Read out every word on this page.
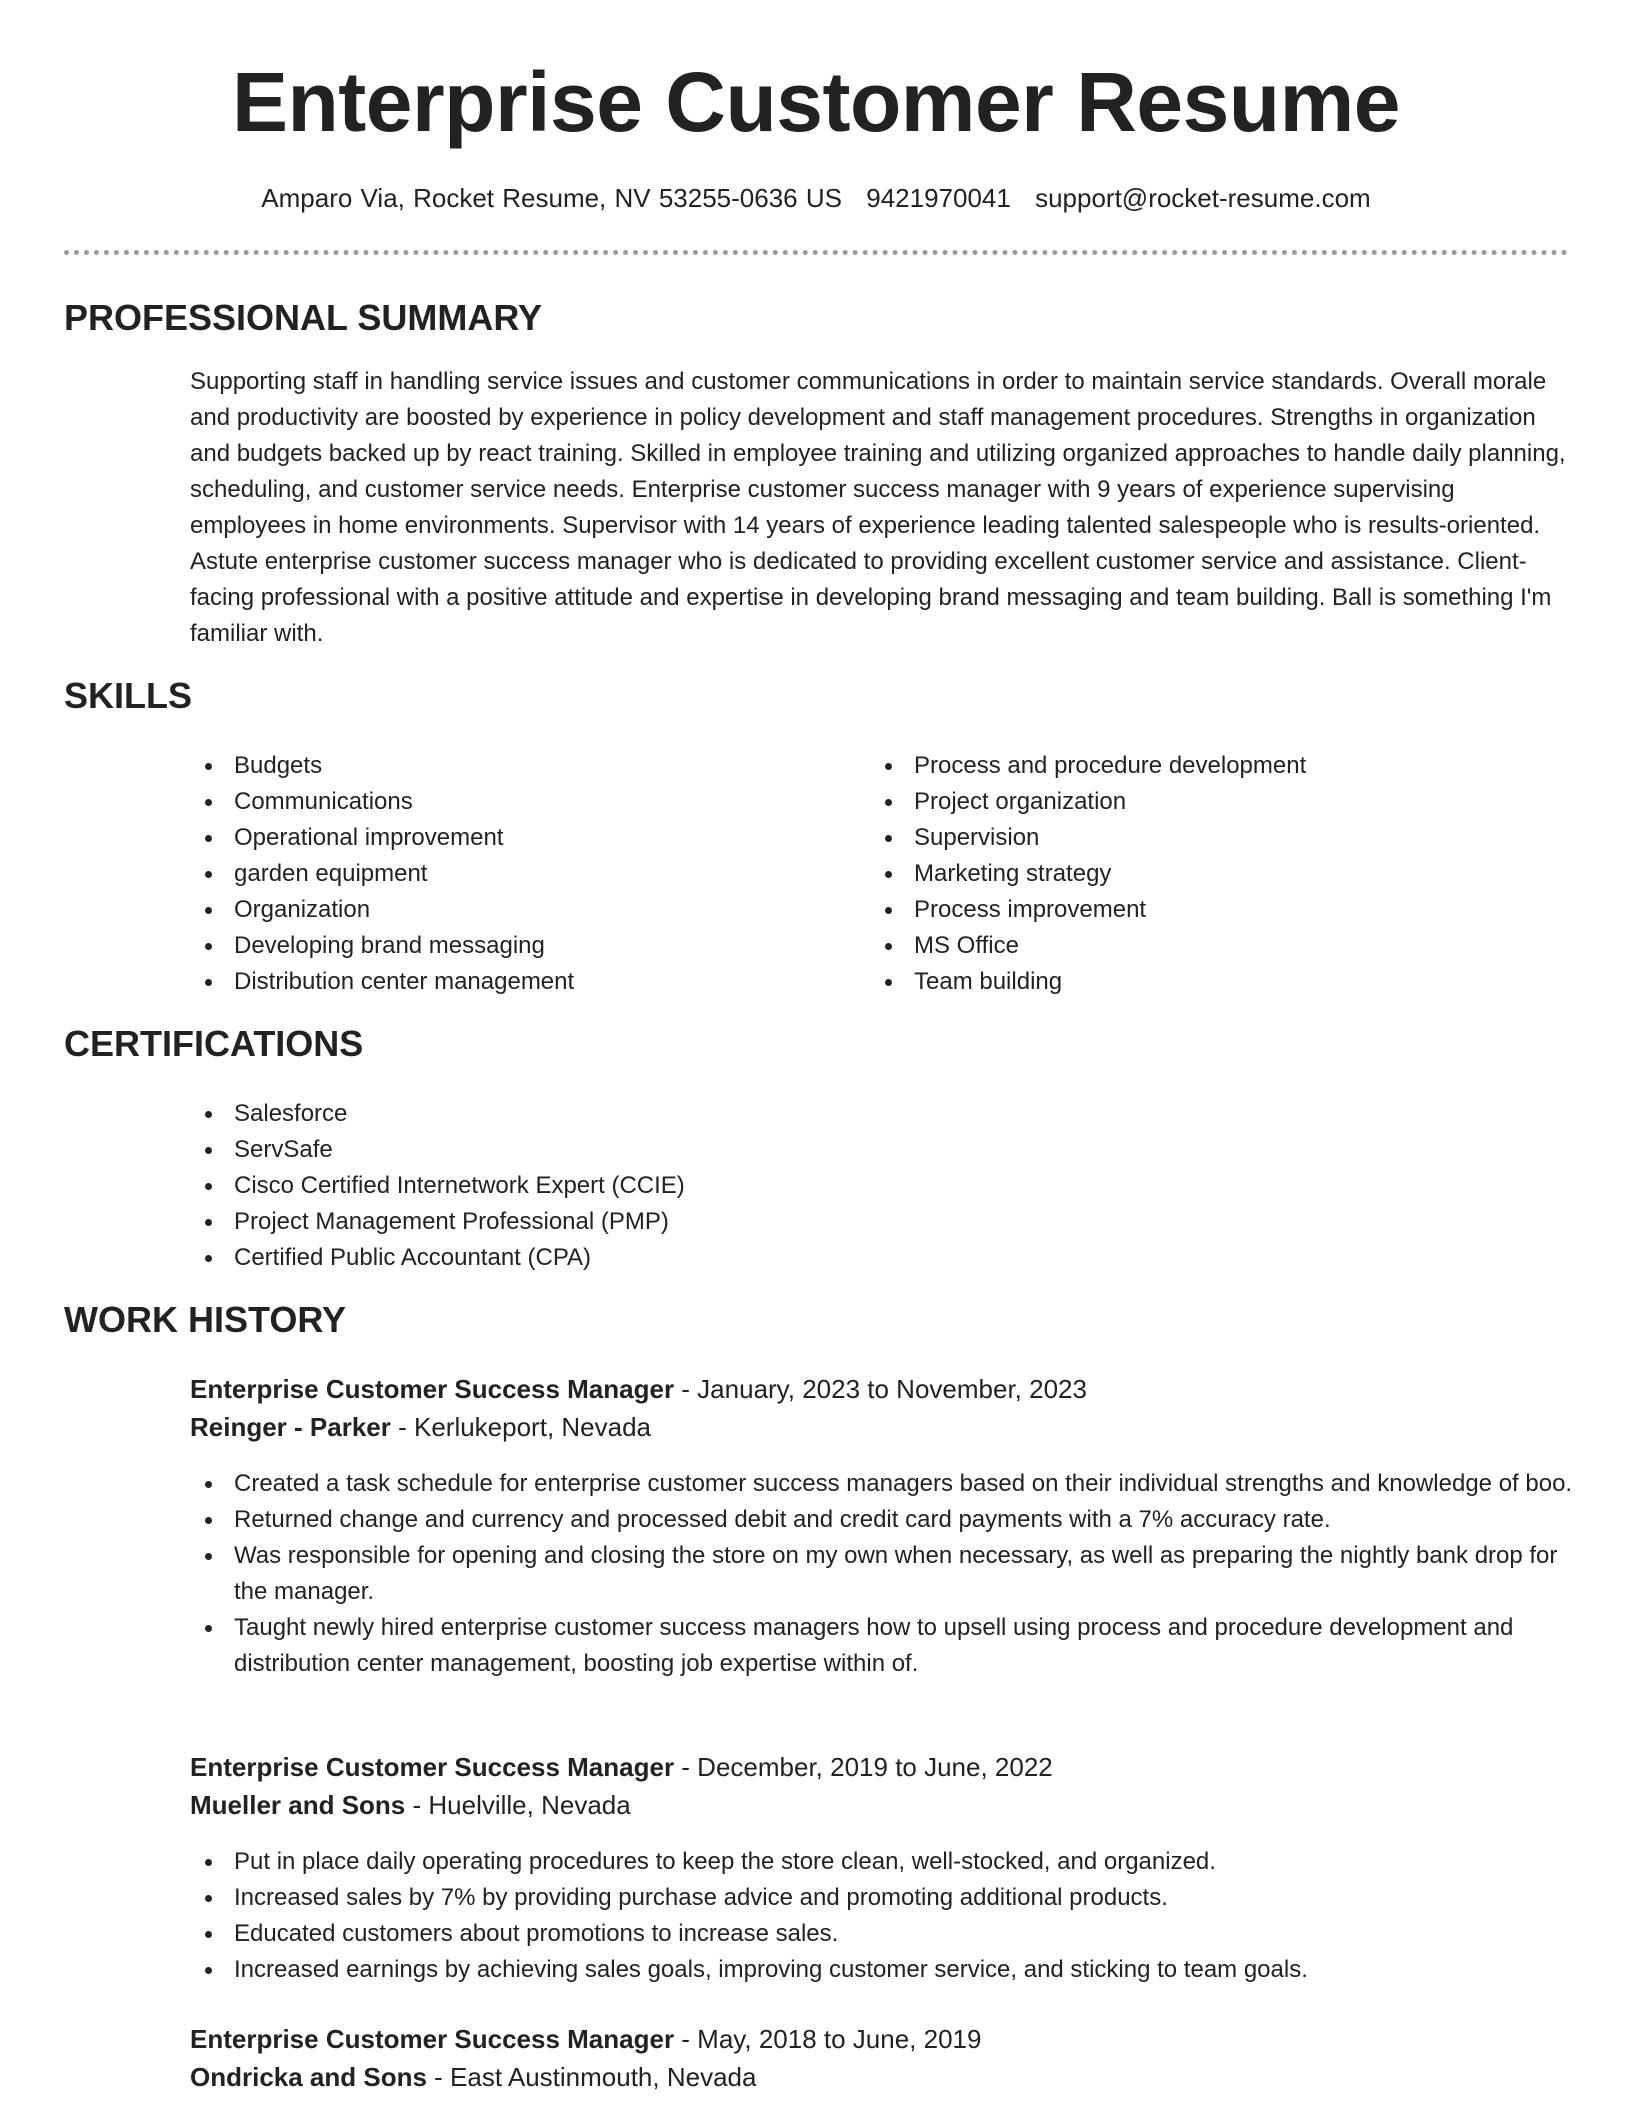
Enterprise Customer Resume
Amparo Via, Rocket Resume, NV 53255-0636 US 9421970041 support@rocket-resume.com
PROFESSIONAL SUMMARY

Supporting staff in handling service issues and customer communications in order to maintain service standards. Overall morale and productivity are boosted by experience in policy development and staff management procedures. Strengths in organization and budgets backed up by react training. Skilled in employee training and utilizing organized approaches to handle daily planning, scheduling, and customer service needs. Enterprise customer success manager with 9 years of experience supervising employees in home environments. Supervisor with 14 years of experience leading talented salespeople who is results-oriented. Astute enterprise customer success manager who is dedicated to providing excellent customer service and assistance. Client-facing professional with a positive attitude and expertise in developing brand messaging and team building. Ball is something I'm familiar with.

SKILLS
Budgets
Communications
Operational improvement
garden equipment
Organization
Developing brand messaging
Distribution center management
Process and procedure development
Project organization
Supervision
Marketing strategy
Process improvement
MS Office
Team building
CERTIFICATIONS
Salesforce
ServSafe
Cisco Certified Internetwork Expert (CCIE)
Project Management Professional (PMP)
Certified Public Accountant (CPA)
WORK HISTORY
Enterprise Customer Success Manager - January, 2023 to November, 2023
Reinger - Parker - Kerlukeport, Nevada
Created a task schedule for enterprise customer success managers based on their individual strengths and knowledge of boo.
Returned change and currency and processed debit and credit card payments with a 7% accuracy rate.
Was responsible for opening and closing the store on my own when necessary, as well as preparing the nightly bank drop for the manager.
Taught newly hired enterprise customer success managers how to upsell using process and procedure development and distribution center management, boosting job expertise within of.
Enterprise Customer Success Manager - December, 2019 to June, 2022
Mueller and Sons - Huelville, Nevada
Put in place daily operating procedures to keep the store clean, well-stocked, and organized.
Increased sales by 7% by providing purchase advice and promoting additional products.
Educated customers about promotions to increase sales.
Increased earnings by achieving sales goals, improving customer service, and sticking to team goals.
Enterprise Customer Success Manager - May, 2018 to June, 2019
Ondricka and Sons - East Austinmouth, Nevada
